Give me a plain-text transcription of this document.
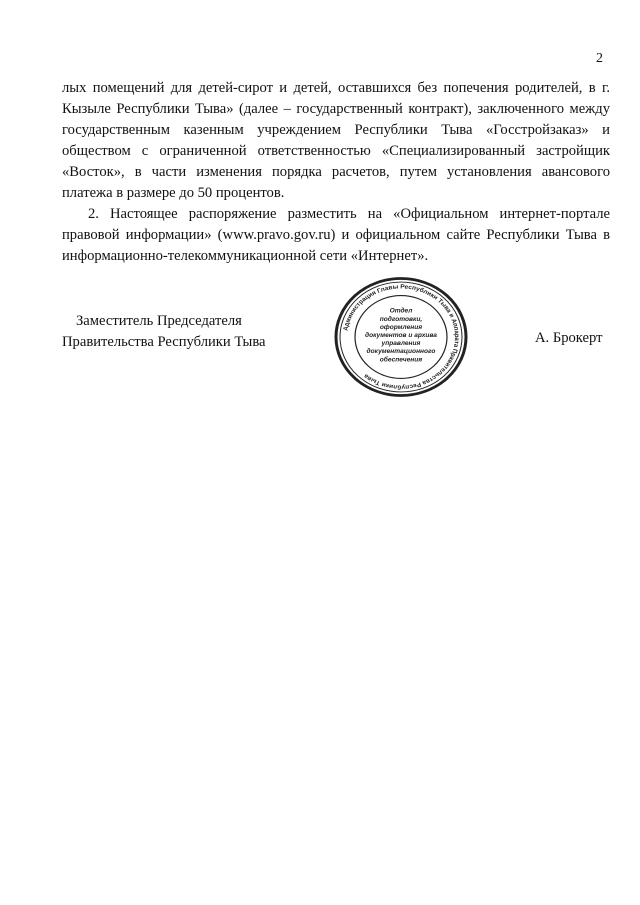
2

лых помещений для детей-сирот и детей, оставшихся без попечения родителей, в г. Кызыле Республики Тыва» (далее – государственный контракт), заключенного между государственным казенным учреждением Республики Тыва «Госстройзаказ» и обществом с ограниченной ответственностью «Специализированный застройщик «Восток», в части изменения порядка расчетов, путем установления авансового платежа в размере до 50 процентов.

2. Настоящее распоряжение разместить на «Официальном интернет-портале правовой информации» (www.pravo.gov.ru) и официальном сайте Республики Тыва в информационно-телекоммуникационной сети «Интернет».

Заместитель Председателя
Правительства Республики Тыва
Администрация Главы Республики Тыва и Аппарата Правительства Республики Тыва
Отдел
подготовки,
оформления
документов и архива
управления
документационного
обеспечения
А. Брокерт
